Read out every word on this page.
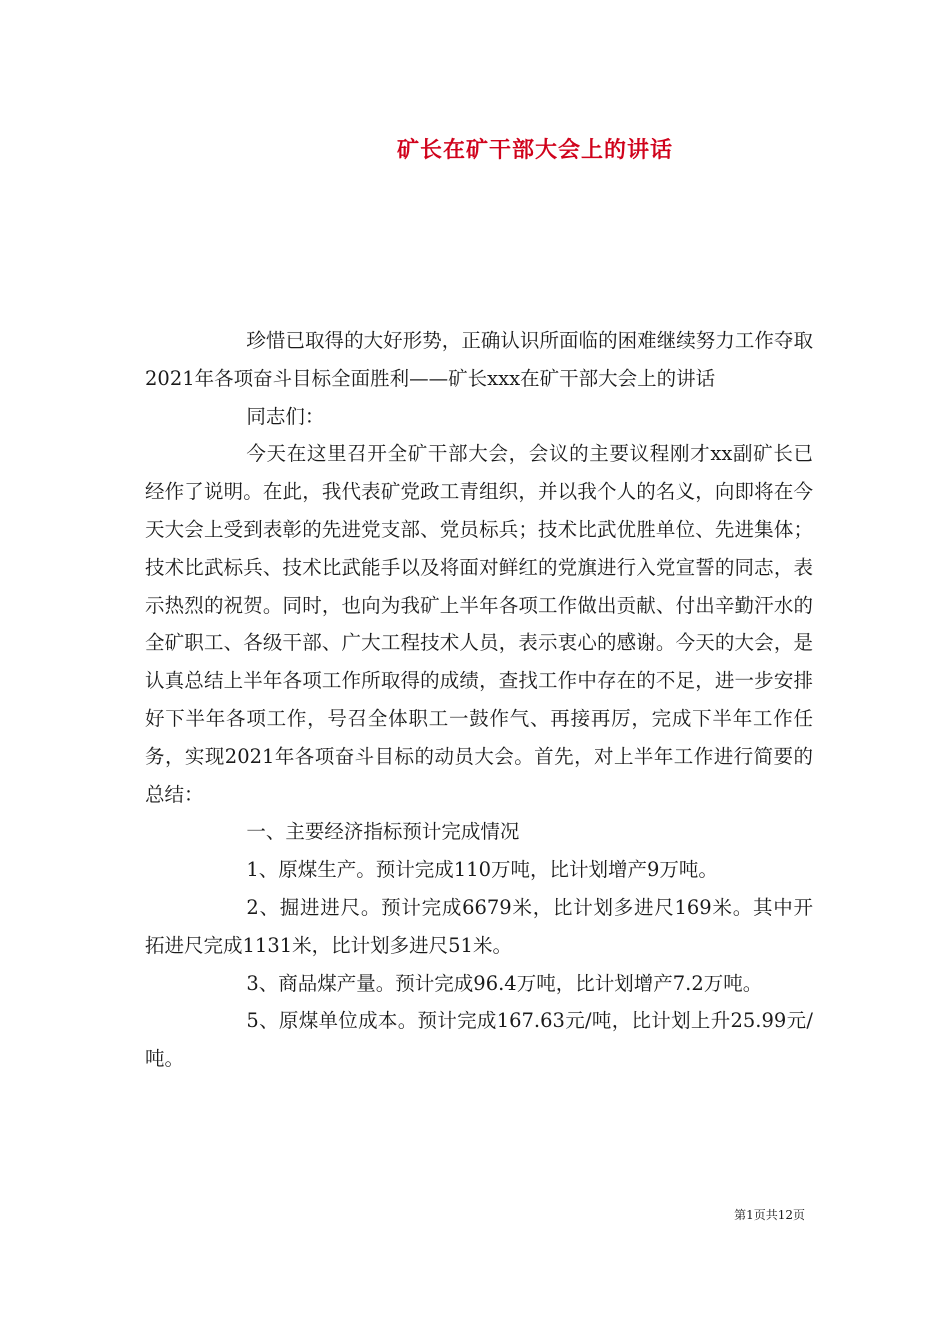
矿长在矿干部大会上的讲话

珍惜已取得的大好形势，正确认识所面临的困难继续努力工作夺取2021年各项奋斗目标全面胜利——矿长xxx在矿干部大会上的讲话

同志们：

今天在这里召开全矿干部大会，会议的主要议程刚才xx副矿长已经作了说明。在此，我代表矿党政工青组织，并以我个人的名义，向即将在今天大会上受到表彰的先进党支部、党员标兵；技术比武优胜单位、先进集体；技术比武标兵、技术比武能手以及将面对鲜红的党旗进行入党宣誓的同志，表示热烈的祝贺。同时，也向为我矿上半年各项工作做出贡献、付出辛勤汗水的全矿职工、各级干部、广大工程技术人员，表示衷心的感谢。今天的大会，是认真总结上半年各项工作所取得的成绩，查找工作中存在的不足，进一步安排好下半年各项工作，号召全体职工一鼓作气、再接再厉，完成下半年工作任务，实现2021年各项奋斗目标的动员大会。首先，对上半年工作进行简要的总结：

一、主要经济指标预计完成情况

1、原煤生产。预计完成110万吨，比计划增产9万吨。

2、掘进进尺。预计完成6679米，比计划多进尺169米。其中开拓进尺完成1131米，比计划多进尺51米。

3、商品煤产量。预计完成96.4万吨，比计划增产7.2万吨。

5、原煤单位成本。预计完成167.63元/吨，比计划上升25.99元/吨。

第1页共12页
